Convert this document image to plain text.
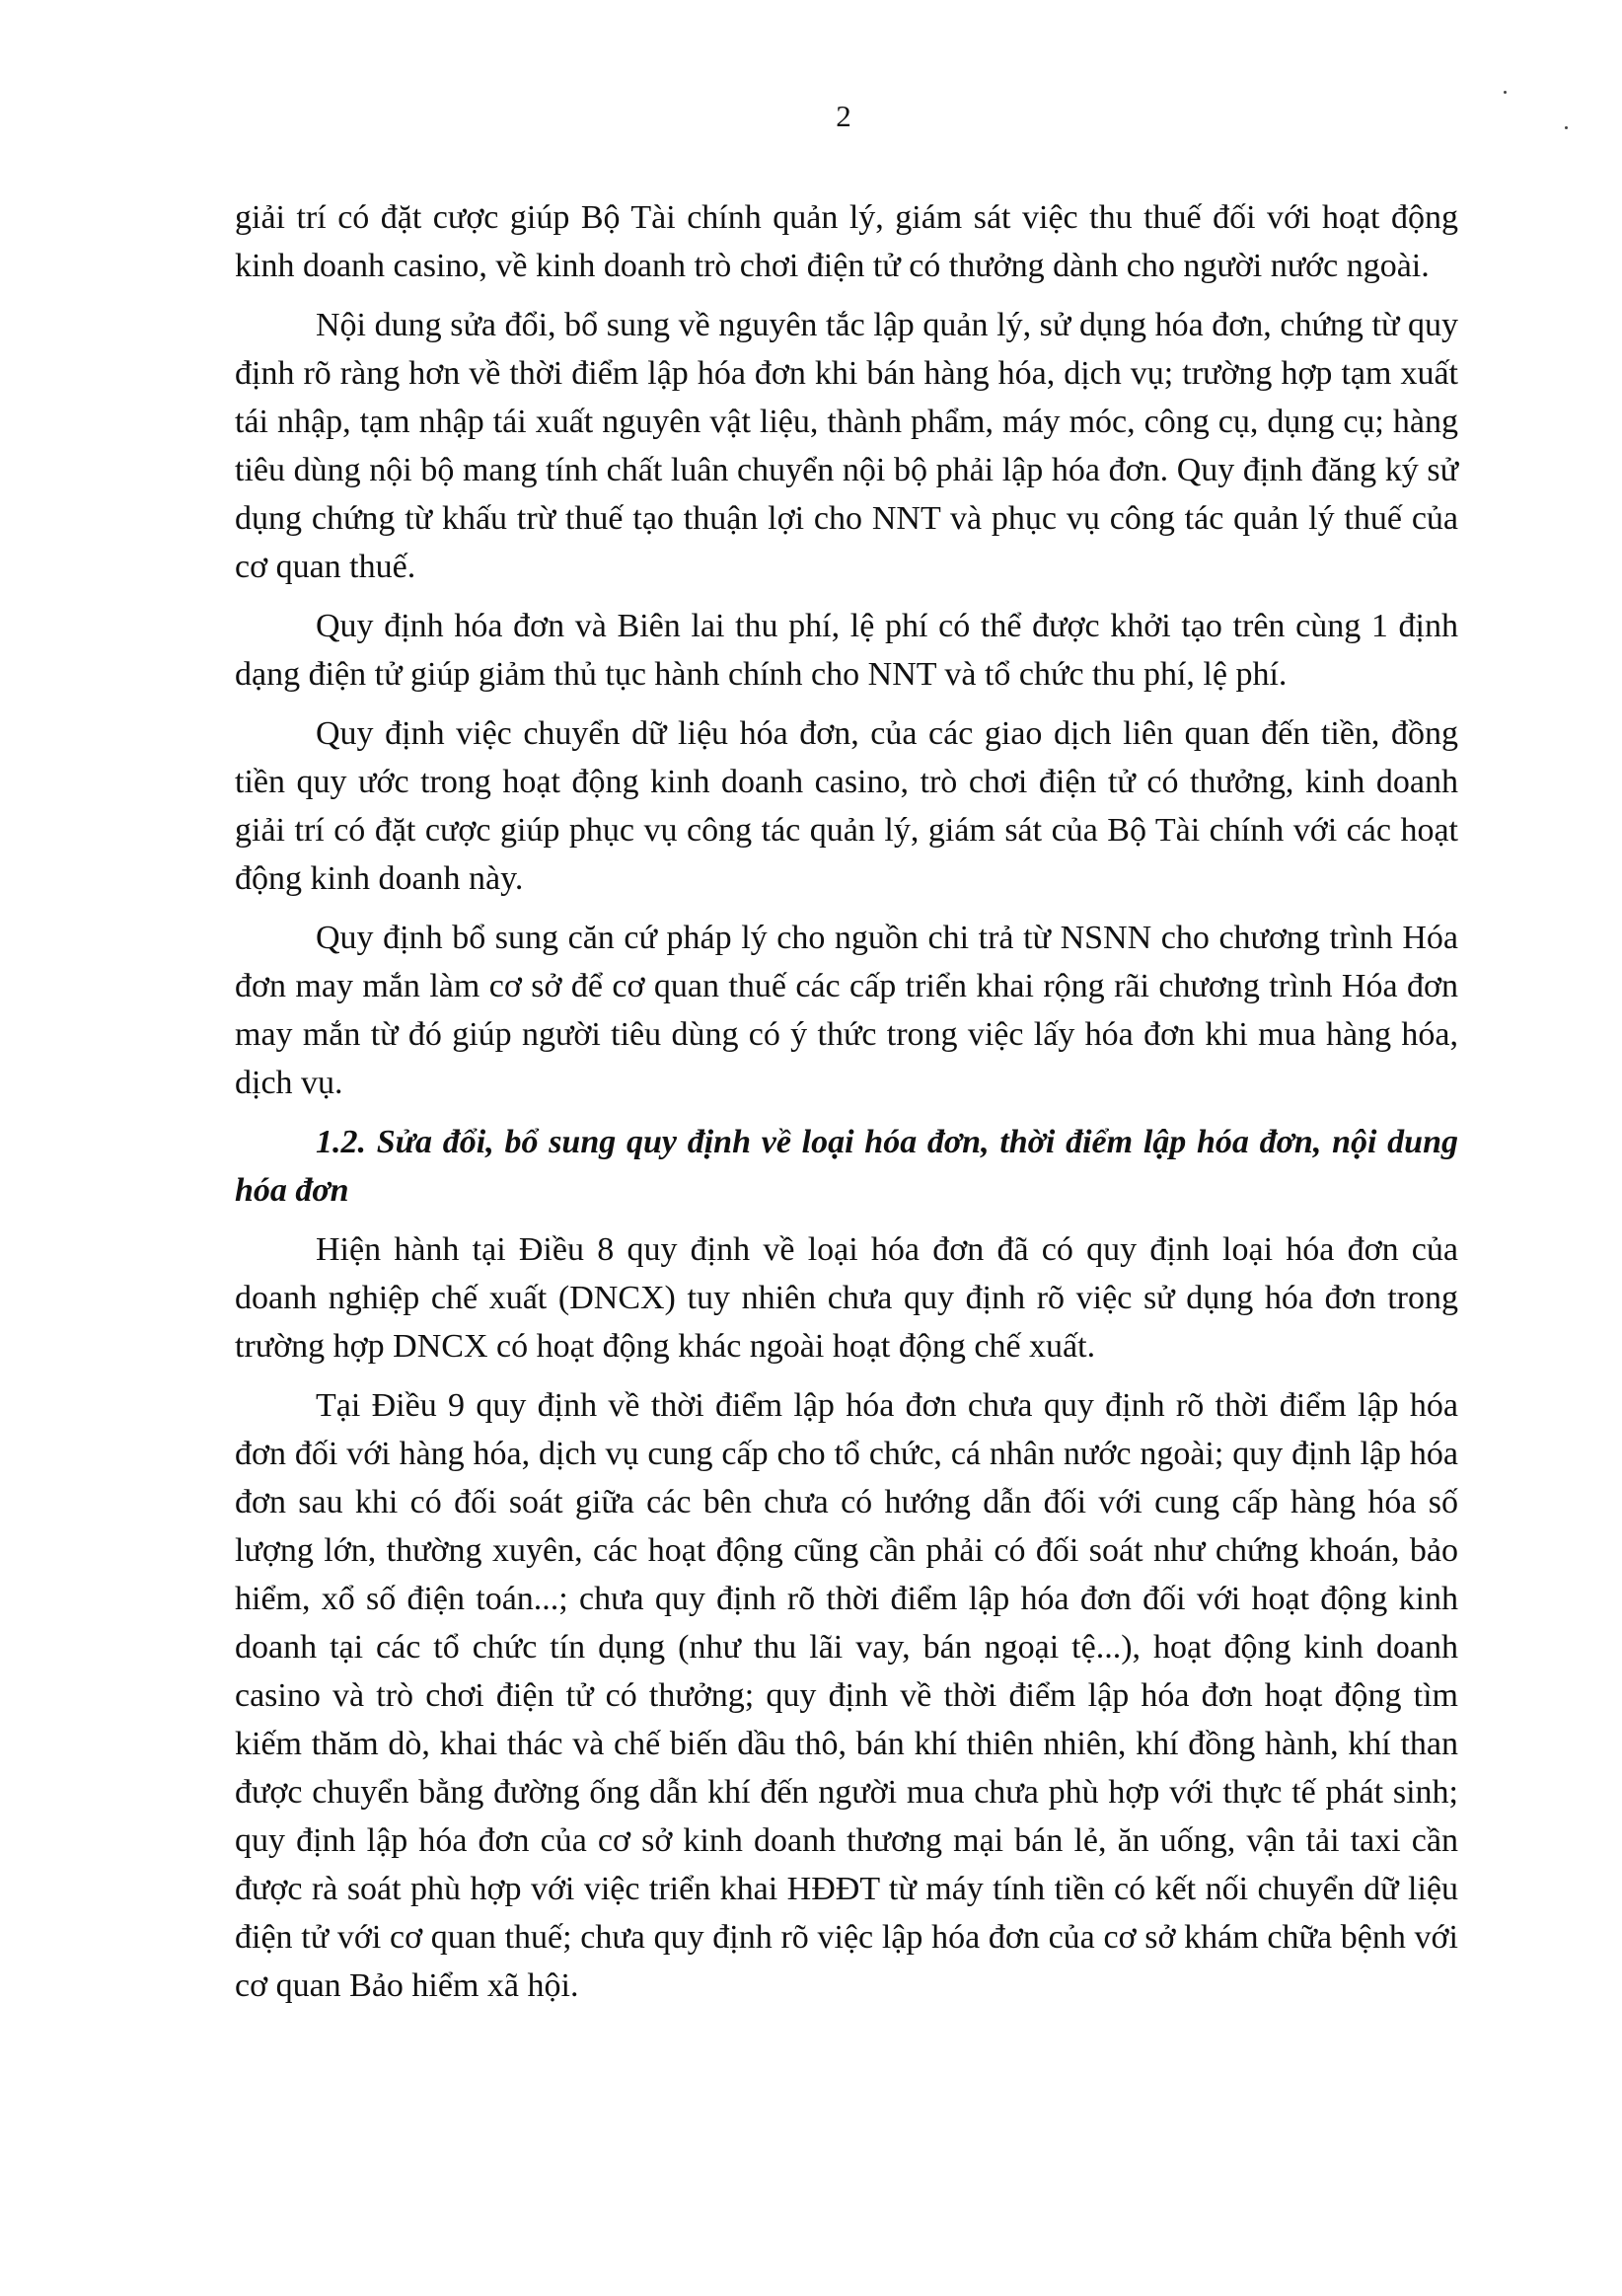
2

giải trí có đặt cược giúp Bộ Tài chính quản lý, giám sát việc thu thuế đối với hoạt động kinh doanh casino, về kinh doanh trò chơi điện tử có thưởng dành cho người nước ngoài.

Nội dung sửa đổi, bổ sung về nguyên tắc lập quản lý, sử dụng hóa đơn, chứng từ quy định rõ ràng hơn về thời điểm lập hóa đơn khi bán hàng hóa, dịch vụ; trường hợp tạm xuất tái nhập, tạm nhập tái xuất nguyên vật liệu, thành phẩm, máy móc, công cụ, dụng cụ; hàng tiêu dùng nội bộ mang tính chất luân chuyển nội bộ phải lập hóa đơn. Quy định đăng ký sử dụng chứng từ khấu trừ thuế tạo thuận lợi cho NNT và phục vụ công tác quản lý thuế của cơ quan thuế.

Quy định hóa đơn và Biên lai thu phí, lệ phí có thể được khởi tạo trên cùng 1 định dạng điện tử giúp giảm thủ tục hành chính cho NNT và tổ chức thu phí, lệ phí.

Quy định việc chuyển dữ liệu hóa đơn, của các giao dịch liên quan đến tiền, đồng tiền quy ước trong hoạt động kinh doanh casino, trò chơi điện tử có thưởng, kinh doanh giải trí có đặt cược giúp phục vụ công tác quản lý, giám sát của Bộ Tài chính với các hoạt động kinh doanh này.

Quy định bổ sung căn cứ pháp lý cho nguồn chi trả từ NSNN cho chương trình Hóa đơn may mắn làm cơ sở để cơ quan thuế các cấp triển khai rộng rãi chương trình Hóa đơn may mắn từ đó giúp người tiêu dùng có ý thức trong việc lấy hóa đơn khi mua hàng hóa, dịch vụ.

1.2. Sửa đổi, bổ sung quy định về loại hóa đơn, thời điểm lập hóa đơn, nội dung hóa đơn

Hiện hành tại Điều 8 quy định về loại hóa đơn đã có quy định loại hóa đơn của doanh nghiệp chế xuất (DNCX) tuy nhiên chưa quy định rõ việc sử dụng hóa đơn trong trường hợp DNCX có hoạt động khác ngoài hoạt động chế xuất.

Tại Điều 9 quy định về thời điểm lập hóa đơn chưa quy định rõ thời điểm lập hóa đơn đối với hàng hóa, dịch vụ cung cấp cho tổ chức, cá nhân nước ngoài; quy định lập hóa đơn sau khi có đối soát giữa các bên chưa có hướng dẫn đối với cung cấp hàng hóa số lượng lớn, thường xuyên, các hoạt động cũng cần phải có đối soát như chứng khoán, bảo hiểm, xổ số điện toán...; chưa quy định rõ thời điểm lập hóa đơn đối với hoạt động kinh doanh tại các tổ chức tín dụng (như thu lãi vay, bán ngoại tệ...), hoạt động kinh doanh casino và trò chơi điện tử có thưởng; quy định về thời điểm lập hóa đơn hoạt động tìm kiếm thăm dò, khai thác và chế biến dầu thô, bán khí thiên nhiên, khí đồng hành, khí than được chuyển bằng đường ống dẫn khí đến người mua chưa phù hợp với thực tế phát sinh; quy định lập hóa đơn của cơ sở kinh doanh thương mại bán lẻ, ăn uống, vận tải taxi cần được rà soát phù hợp với việc triển khai HĐĐT từ máy tính tiền có kết nối chuyển dữ liệu điện tử với cơ quan thuế; chưa quy định rõ việc lập hóa đơn của cơ sở khám chữa bệnh với cơ quan Bảo hiểm xã hội.
